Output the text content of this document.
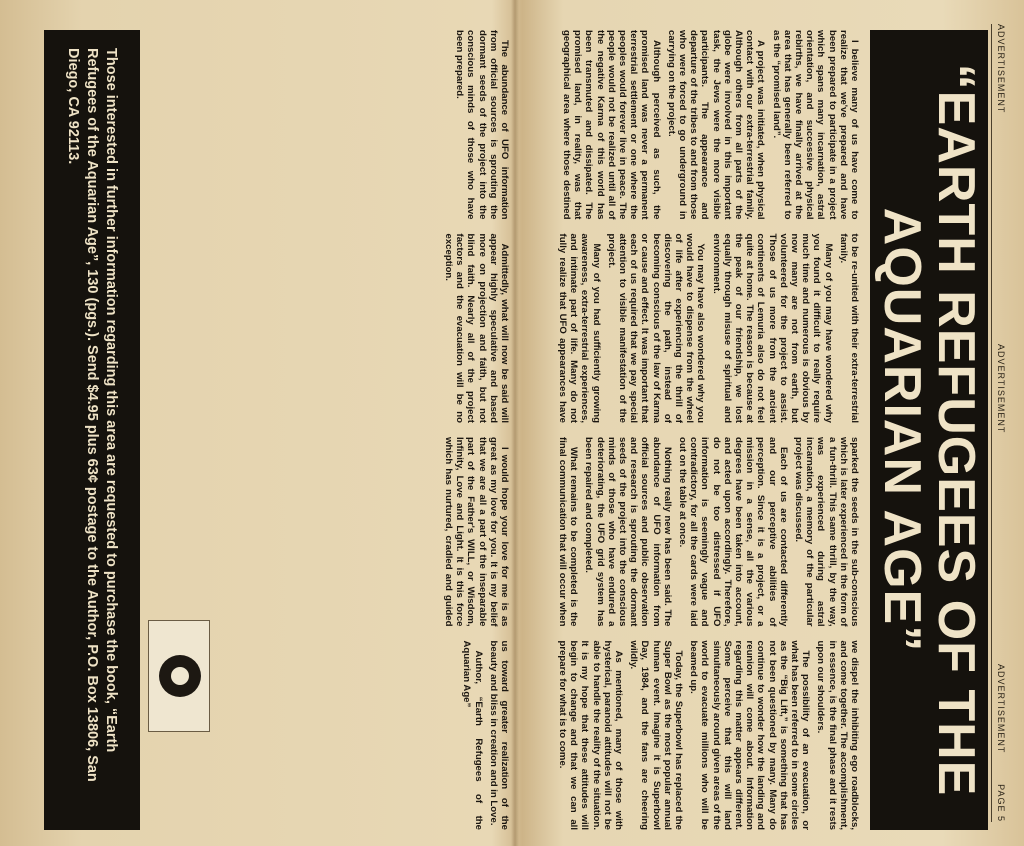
ADVERTISEMENT
ADVERTISEMENT
ADVERTISEMENT
PAGE 5
“EARTH REFUGEES OF THE
AQUARIAN AGE”

I believe many of us have come to realize that we've prepared and have been prepared to participate in a project which spans many incarnation, astral orientation, and successive physical rebirths, we have finally arrived at the area that has generally been referred to as the “promised land”.

A project was initiated, when physical contact with our extra-terrestrial family. Although others from all parts of the globe were involved in this important task, the Jews were the more visible participants. The appearance and departure of the tribes to and from those who were forced to go underground in carrying on the project.

Although perceived as such, the promised land was never a permanent terrestrial settlement or one where the peoples would forever live in peace. The people would not be realized until all of the negative Karma of this world has been transmuted and dissipated. The promised land, in reality, was that geographical area where those destined to be re-united with their extra-terrestrial family.

Many of you may have wondered why you found it difficult to really require much time and numerous is obvious by now many are not from earth, but volunteered for the project to assist. Those of us more from the ancient continents of Lemuria also do not feel quite at home. The reason is because at the peak of our friendship, we lost equally through misuse of spiritual and environment.

You may have also wondered why you would have to dispense from the wheel of life after experiencing the thrill of discovering the path, instead of becoming conscious of the law of Karma or cause and effect. It was important that each of us required that we pay special attention to visible manifestation of the project.

Many of you had sufficiently growing awareness, extra-terrestrial experiences, and intimate part of life. Many do not fully realize that UFO appearances have sparked the seeds in the sub-conscious which is later experienced in the form of a fun-thrill. This same thrill, by the way, was experienced during astral incarnation, a memory of the particular project was discussed.

Each of us are contacted differently and our perceptive abilities of perception. Since it is a project, or a mission in a sense, all the various degrees have been taken into account, and acted upon accordingly. Therefore, do not be too distressed if UFO information is seemingly vague and contradictory, for all the cards were laid out on the table at once.

Nothing really new has been said. The abundance of UFO information from official sources and public observation and research is sprouting the dormant seeds of the project into the conscious minds of those who have endured a deteriorating, the UFO grid system has been repaired and completed.

What remains to be completed is the final communication that will occur when we dispel the inhibiting ego roadblocks, and come together. The accomplishment, in essence, is the final phase and it rests upon our shoulders.

The possibility of an evacuation, or what has been referred to in some circles as the “Big Lift,” is something that has not been questioned by many. Many do continue to wonder how the landing and reunion will come about. Information regarding this matter appears different. Some perceive that this will land simultaneously around given areas of the world to evacuate millions who will be beamed up.

Today, the Superbowl has replaced the Super Bowl as the most popular annual human event. Imagine it is Superbowl Day, 1984, and the fans are cheering wildly.

As mentioned, many of those with hysterical, paranoid attitudes will not be able to handle the reality of the situation. It is my hope that these attitudes will begin to change and that we can all prepare for what is to come.

The abundance of UFO information from official sources is sprouting the dormant seeds of the project into the conscious minds of those who have been prepared.

Admittedly, what will now be said will appear highly speculative and based more on projection and faith, but not blind faith. Nearly all of the project factors and the evacuation will be no exception.

I would hope your love for me is as great as my love for you. It is my belief that we are all a part of the inseparable part of the Father's WILL, or Wisdom, Infinity, Love and Light. It is this force which has nurtured, cradled and guided us toward greater realization of the beauty and bliss in creation and in Love.

Author, “Earth Refugees of the Aquarian Age”

Those interested in further information regarding this area are requested to purchase the book, “Earth Refugees of the Aquarian Age”, 130 (pgs.). Send $4.95 plus 63¢ postage to the Author, P.O. Box 13806, San Diego, CA 92113.
